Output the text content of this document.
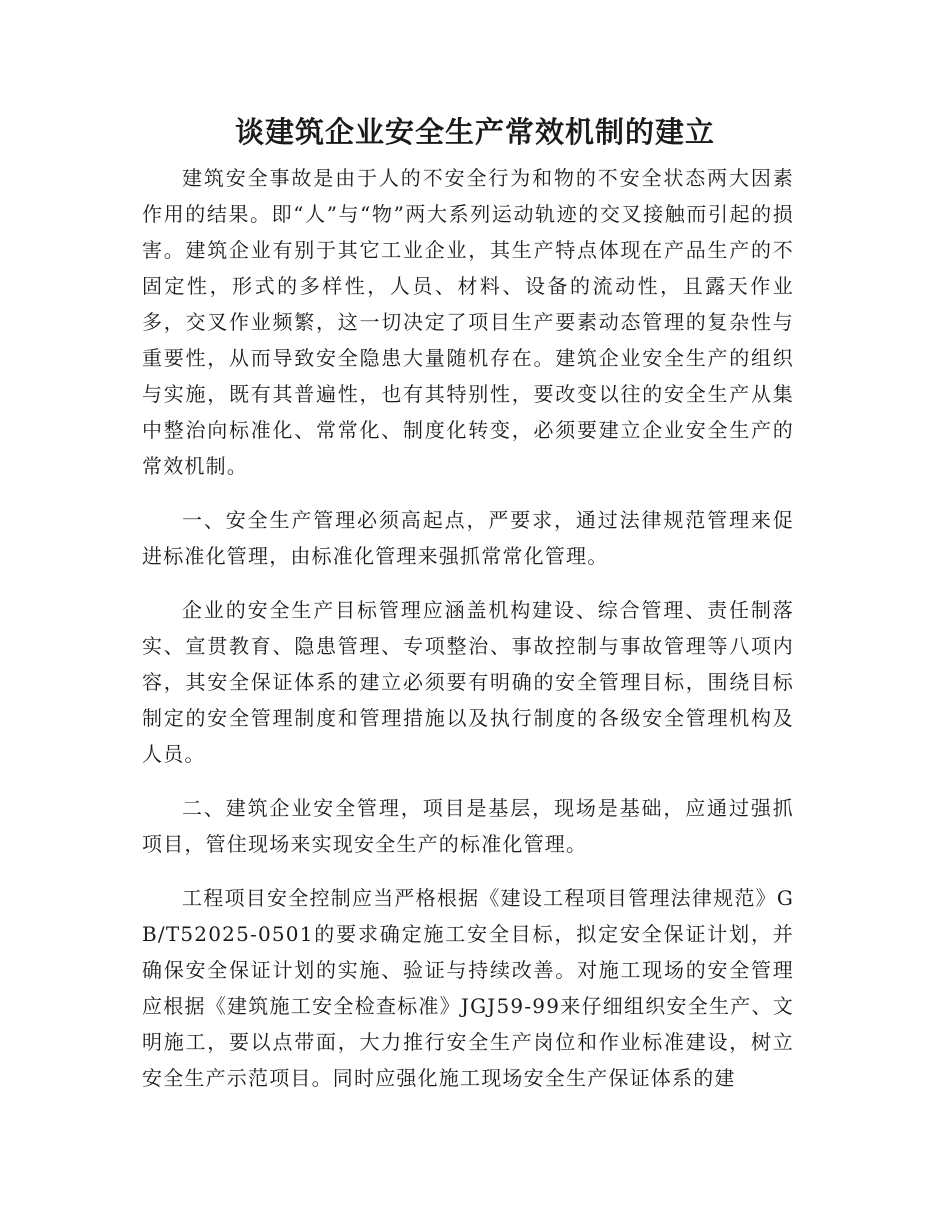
谈建筑企业安全生产常效机制的建立

建筑安全事故是由于人的不安全行为和物的不安全状态两大因素作用的结果。即“人”与“物”两大系列运动轨迹的交叉接触而引起的损害。建筑企业有别于其它工业企业，其生产特点体现在产品生产的不固定性，形式的多样性，人员、材料、设备的流动性，且露天作业多，交叉作业频繁，这一切决定了项目生产要素动态管理的复杂性与重要性，从而导致安全隐患大量随机存在。建筑企业安全生产的组织与实施，既有其普遍性，也有其特别性，要改变以往的安全生产从集中整治向标准化、常常化、制度化转变，必须要建立企业安全生产的常效机制。

一、安全生产管理必须高起点，严要求，通过法律规范管理来促进标准化管理，由标准化管理来强抓常常化管理。

企业的安全生产目标管理应涵盖机构建设、综合管理、责任制落实、宣贯教育、隐患管理、专项整治、事故控制与事故管理等八项内容，其安全保证体系的建立必须要有明确的安全管理目标，围绕目标制定的安全管理制度和管理措施以及执行制度的各级安全管理机构及人员。

二、建筑企业安全管理，项目是基层，现场是基础，应通过强抓项目，管住现场来实现安全生产的标准化管理。

工程项目安全控制应当严格根据《建设工程项目管理法律规范》GB/T52025-0501的要求确定施工安全目标，拟定安全保证计划，并确保安全保证计划的实施、验证与持续改善。对施工现场的安全管理应根据《建筑施工安全检查标准》JGJ59-99来仔细组织安全生产、文明施工，要以点带面，大力推行安全生产岗位和作业标准建设，树立安全生产示范项目。同时应强化施工现场安全生产保证体系的建
